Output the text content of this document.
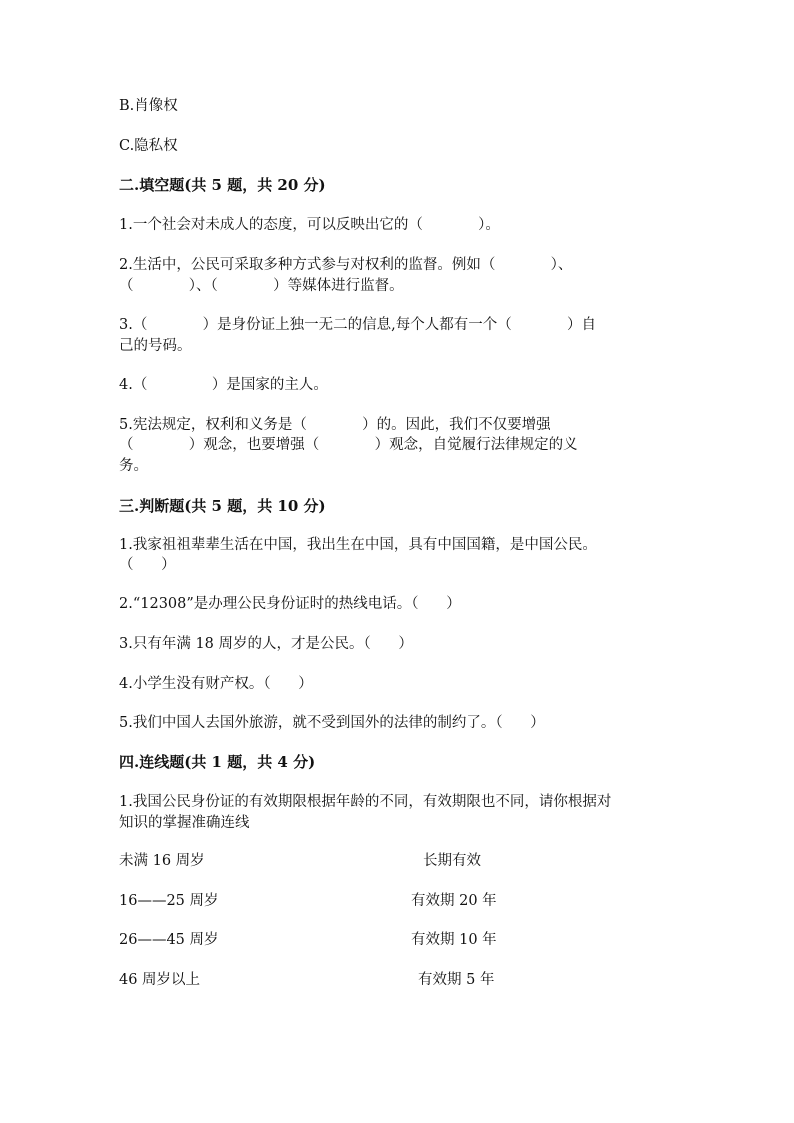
B.肖像权
C.隐私权
二.填空题(共 5 题，共 20 分)
1.一个社会对未成人的态度，可以反映出它的（            ）。
2.生活中，公民可采取多种方式参与对权利的监督。例如（            ）、
（            ）、（            ）等媒体进行监督。
3.（            ）是身份证上独一无二的信息,每个人都有一个（            ）自
己的号码。
4.（              ）是国家的主人。
5.宪法规定，权利和义务是（            ）的。因此，我们不仅要增强
（            ）观念，也要增强（            ）观念，自觉履行法律规定的义
务。
三.判断题(共 5 题，共 10 分)
1.我家祖祖辈辈生活在中国，我出生在中国，具有中国国籍，是中国公民。
（      ）
2.“12308”是办理公民身份证时的热线电话。（      ）
3.只有年满 18 周岁的人，才是公民。（      ）
4.小学生没有财产权。（      ）
5.我们中国人去国外旅游，就不受到国外的法律的制约了。（      ）
四.连线题(共 1 题，共 4 分)
1.我国公民身份证的有效期限根据年龄的不同，有效期限也不同，请你根据对
知识的掌握准确连线
未满 16 周岁	长期有效
16——25 周岁	有效期 20 年
26——45 周岁	有效期 10 年
46 周岁以上	有效期 5 年
